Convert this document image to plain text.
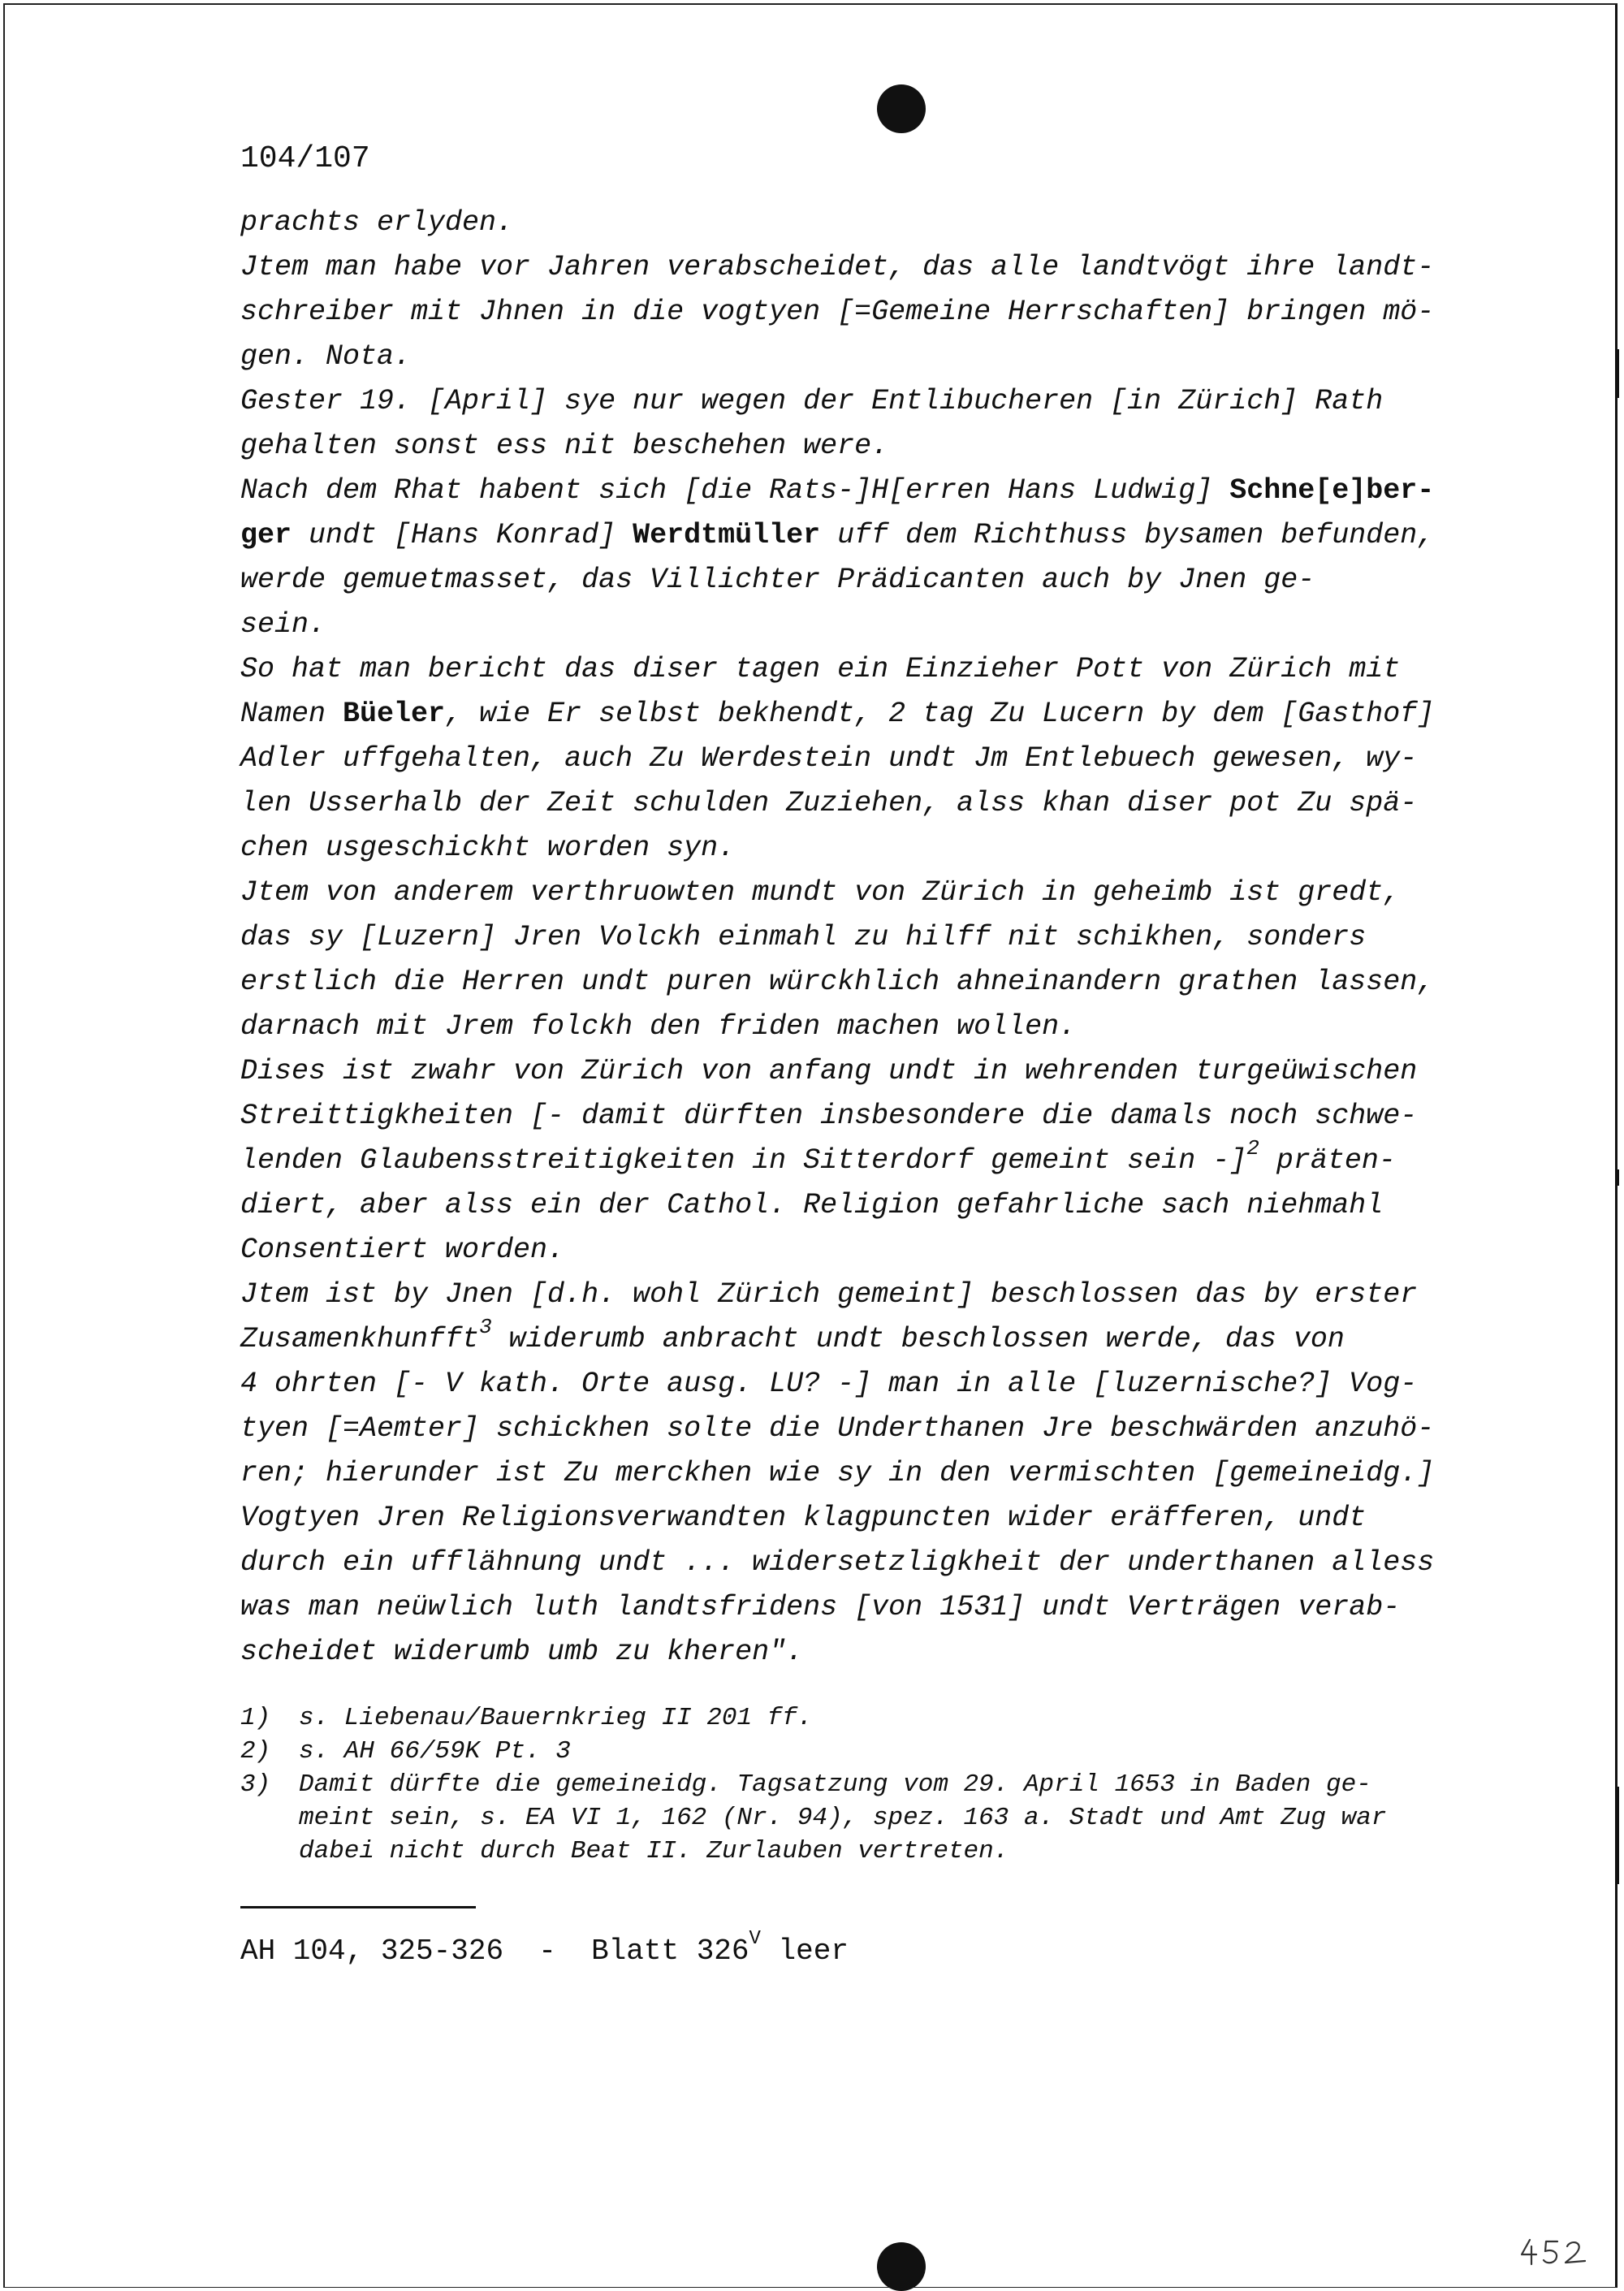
104/107
prachts erlyden.
Jtem man habe vor Jahren verabscheidet, das alle landtvögt ihre landt-
schreiber mit Jhnen in die vogtyen [=Gemeine Herrschaften] bringen mö-
gen. Nota.
Gester 19. [April] sye nur wegen der Entlibucheren [in Zürich] Rath
gehalten sonst ess nit beschehen were.
Nach dem Rhat habent sich [die Rats-]H[erren Hans Ludwig] Schne[e]ber-
ger undt [Hans Konrad] Werdtmüller uff dem Richthuss bysamen befunden,
werde gemuetmasset, das Villichter Prädicanten auch by Jnen ge-
sein.
So hat man bericht das diser tagen ein Einzieher Pott von Zürich mit
Namen Büeler, wie Er selbst bekhendt, 2 tag Zu Lucern by dem [Gasthof]
Adler uffgehalten, auch Zu Werdestein undt Jm Entlebuech gewesen, wy-
len Usserhalb der Zeit schulden Zuziehen, alss khan diser pot Zu spä-
chen usgeschickht worden syn.
Jtem von anderem verthruowten mundt von Zürich in geheimb ist gredt,
das sy [Luzern] Jren Volckh einmahl zu hilff nit schikhen, sonders
erstlich die Herren undt puren würckhlich ahneinandern grathen lassen,
darnach mit Jrem folckh den friden machen wollen.
Dises ist zwahr von Zürich von anfang undt in wehrenden turgeüwischen
Streittigkheiten [- damit dürften insbesondere die damals noch schwe-
lenden Glaubensstreitigkeiten in Sitterdorf gemeint sein -]$^2$ präten-
diert, aber alss ein der Cathol. Religion gefahrliche sach niehmahl
Consentiert worden.
Jtem ist by Jnen [d.h. wohl Zürich gemeint] beschlossen das by erster
Zusamenkhunfft$^3$ widerumb anbracht undt beschlossen werde, das von
4 ohrten [- V kath. Orte ausg. LU? -] man in alle [luzernische?] Vog-
tyen [=Aemter] schickhen solte die Underthanen Jre beschwärden anzuhö-
ren; hierunder ist Zu merckhen wie sy in den vermischten [gemeineidg.]
Vogtyen Jren Religionsverwandten klagpuncten wider eräfferen, undt
durch ein ufflähnung undt ... widersetzligkheit der underthanen alless
was man neüwlich luth landtsfridens [von 1531] undt Verträgen verab-
scheidet widerumb umb zu kheren".
1)	s. Liebenau/Bauernkrieg II 201 ff.
2)	s. AH 66/59K Pt. 3
3)	Damit dürfte die gemeineidg. Tagsatzung vom 29. April 1653 in Baden ge-
meint sein, s. EA VI 1, 162 (Nr. 94), spez. 163 a. Stadt und Amt Zug war
dabei nicht durch Beat II. Zurlauben vertreten.
AH 104, 325-326  -  Blatt $326^V$ leer
